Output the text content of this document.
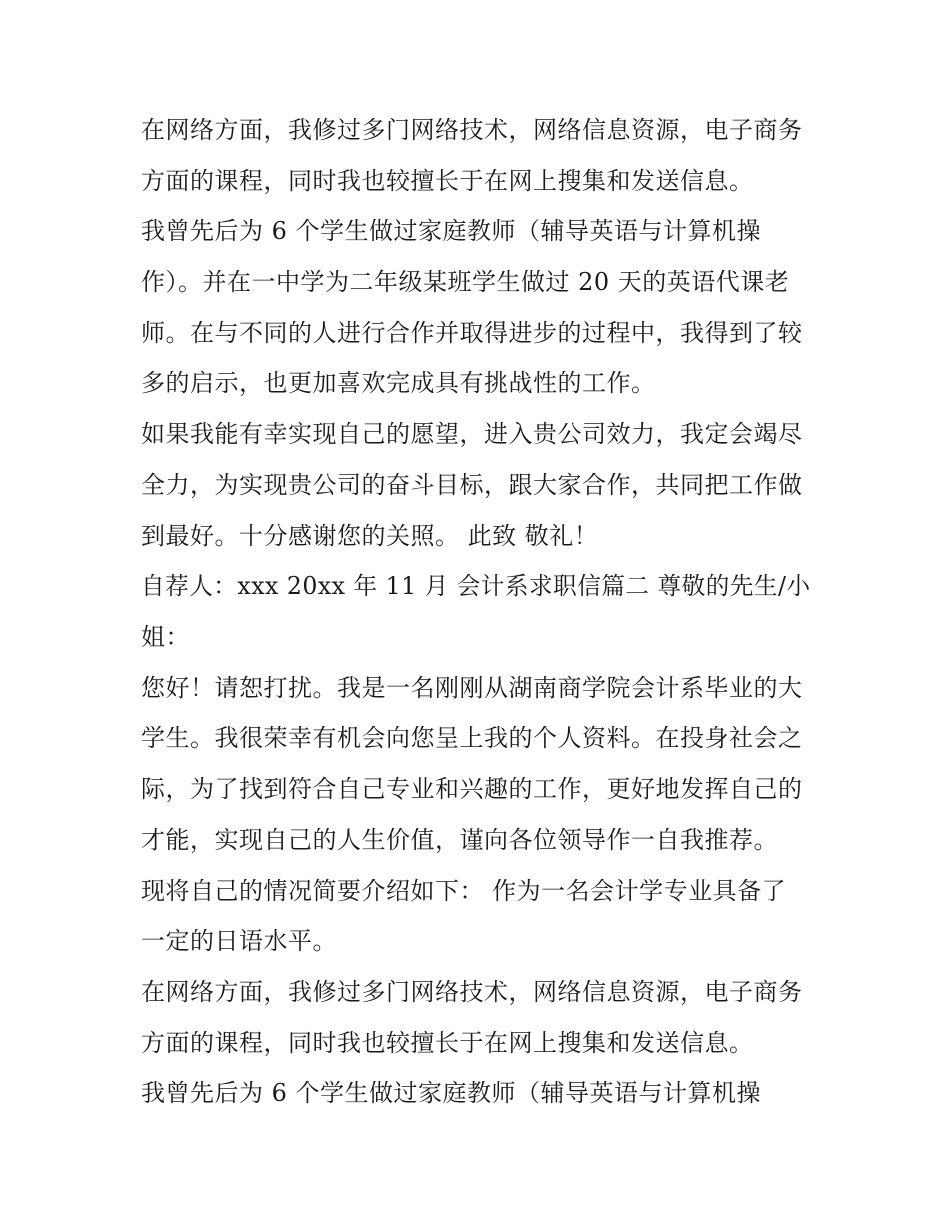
在网络方面，我修过多门网络技术，网络信息资源，电子商务
方面的课程，同时我也较擅长于在网上搜集和发送信息。
我曾先后为 6 个学生做过家庭教师（辅导英语与计算机操
作）。并在一中学为二年级某班学生做过 20 天的英语代课老
师。在与不同的人进行合作并取得进步的过程中，我得到了较
多的启示，也更加喜欢完成具有挑战性的工作。
如果我能有幸实现自己的愿望，进入贵公司效力，我定会竭尽
全力，为实现贵公司的奋斗目标，跟大家合作，共同把工作做
到最好。十分感谢您的关照。 此致 敬礼！
自荐人：xxx 20xx 年 11 月 会计系求职信篇二 尊敬的先生/小
姐：
您好！请恕打扰。我是一名刚刚从湖南商学院会计系毕业的大
学生。我很荣幸有机会向您呈上我的个人资料。在投身社会之
际，为了找到符合自己专业和兴趣的工作，更好地发挥自己的
才能，实现自己的人生价值，谨向各位领导作一自我推荐。
现将自己的情况简要介绍如下： 作为一名会计学专业具备了
一定的日语水平。
在网络方面，我修过多门网络技术，网络信息资源，电子商务
方面的课程，同时我也较擅长于在网上搜集和发送信息。
我曾先后为 6 个学生做过家庭教师（辅导英语与计算机操
